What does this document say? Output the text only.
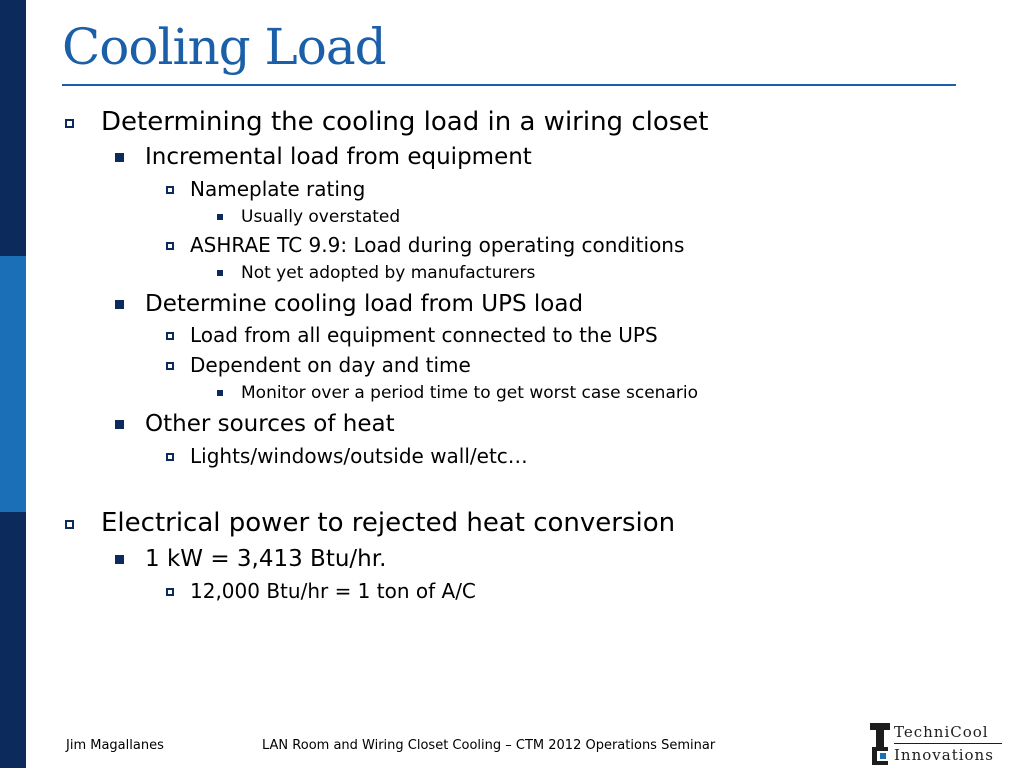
Cooling Load
Determining the cooling load in a wiring closet
Incremental load from equipment
Nameplate rating
Usually overstated
ASHRAE TC 9.9: Load during operating conditions
Not yet adopted by manufacturers
Determine cooling load from UPS load
Load from all equipment connected to the UPS
Dependent on day and time
Monitor over a period time to get worst case scenario
Other sources of heat
Lights/windows/outside wall/etc…
Electrical power to rejected heat conversion
1 kW = 3,413 Btu/hr.
12,000 Btu/hr = 1 ton of A/C
Jim Magallanes	LAN Room and Wiring Closet Cooling – CTM 2012 Operations Seminar
TechniCool
Innovations
